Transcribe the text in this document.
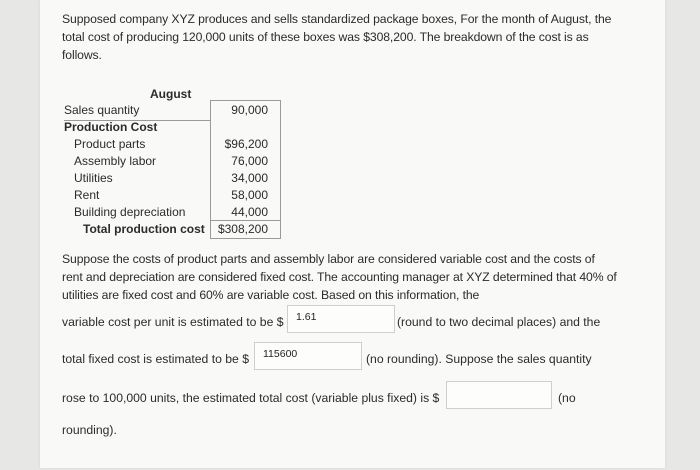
Supposed company XYZ produces and sells standardized package boxes, For the month of August, the total cost of producing 120,000 units of these boxes was $308,200. The breakdown of the cost is as follows.
August
Sales quantity	90,000
Production Cost
Product parts	$96,200
Assembly labor	76,000
Utilities	34,000
Rent	58,000
Building depreciation	44,000
Total production cost	$308,200
Suppose the costs of product parts and assembly labor are considered variable cost and the costs of rent and depreciation are considered fixed cost. The accounting manager at XYZ determined that 40% of utilities are fixed cost and 60% are variable cost. Based on this information, the
variable cost per unit is estimated to be $	1.61	(round to two decimal places) and the
total fixed cost is estimated to be $	115600	(no rounding). Suppose the sales quantity
rose to 100,000 units, the estimated total cost (variable plus fixed) is $	(no
rounding).
